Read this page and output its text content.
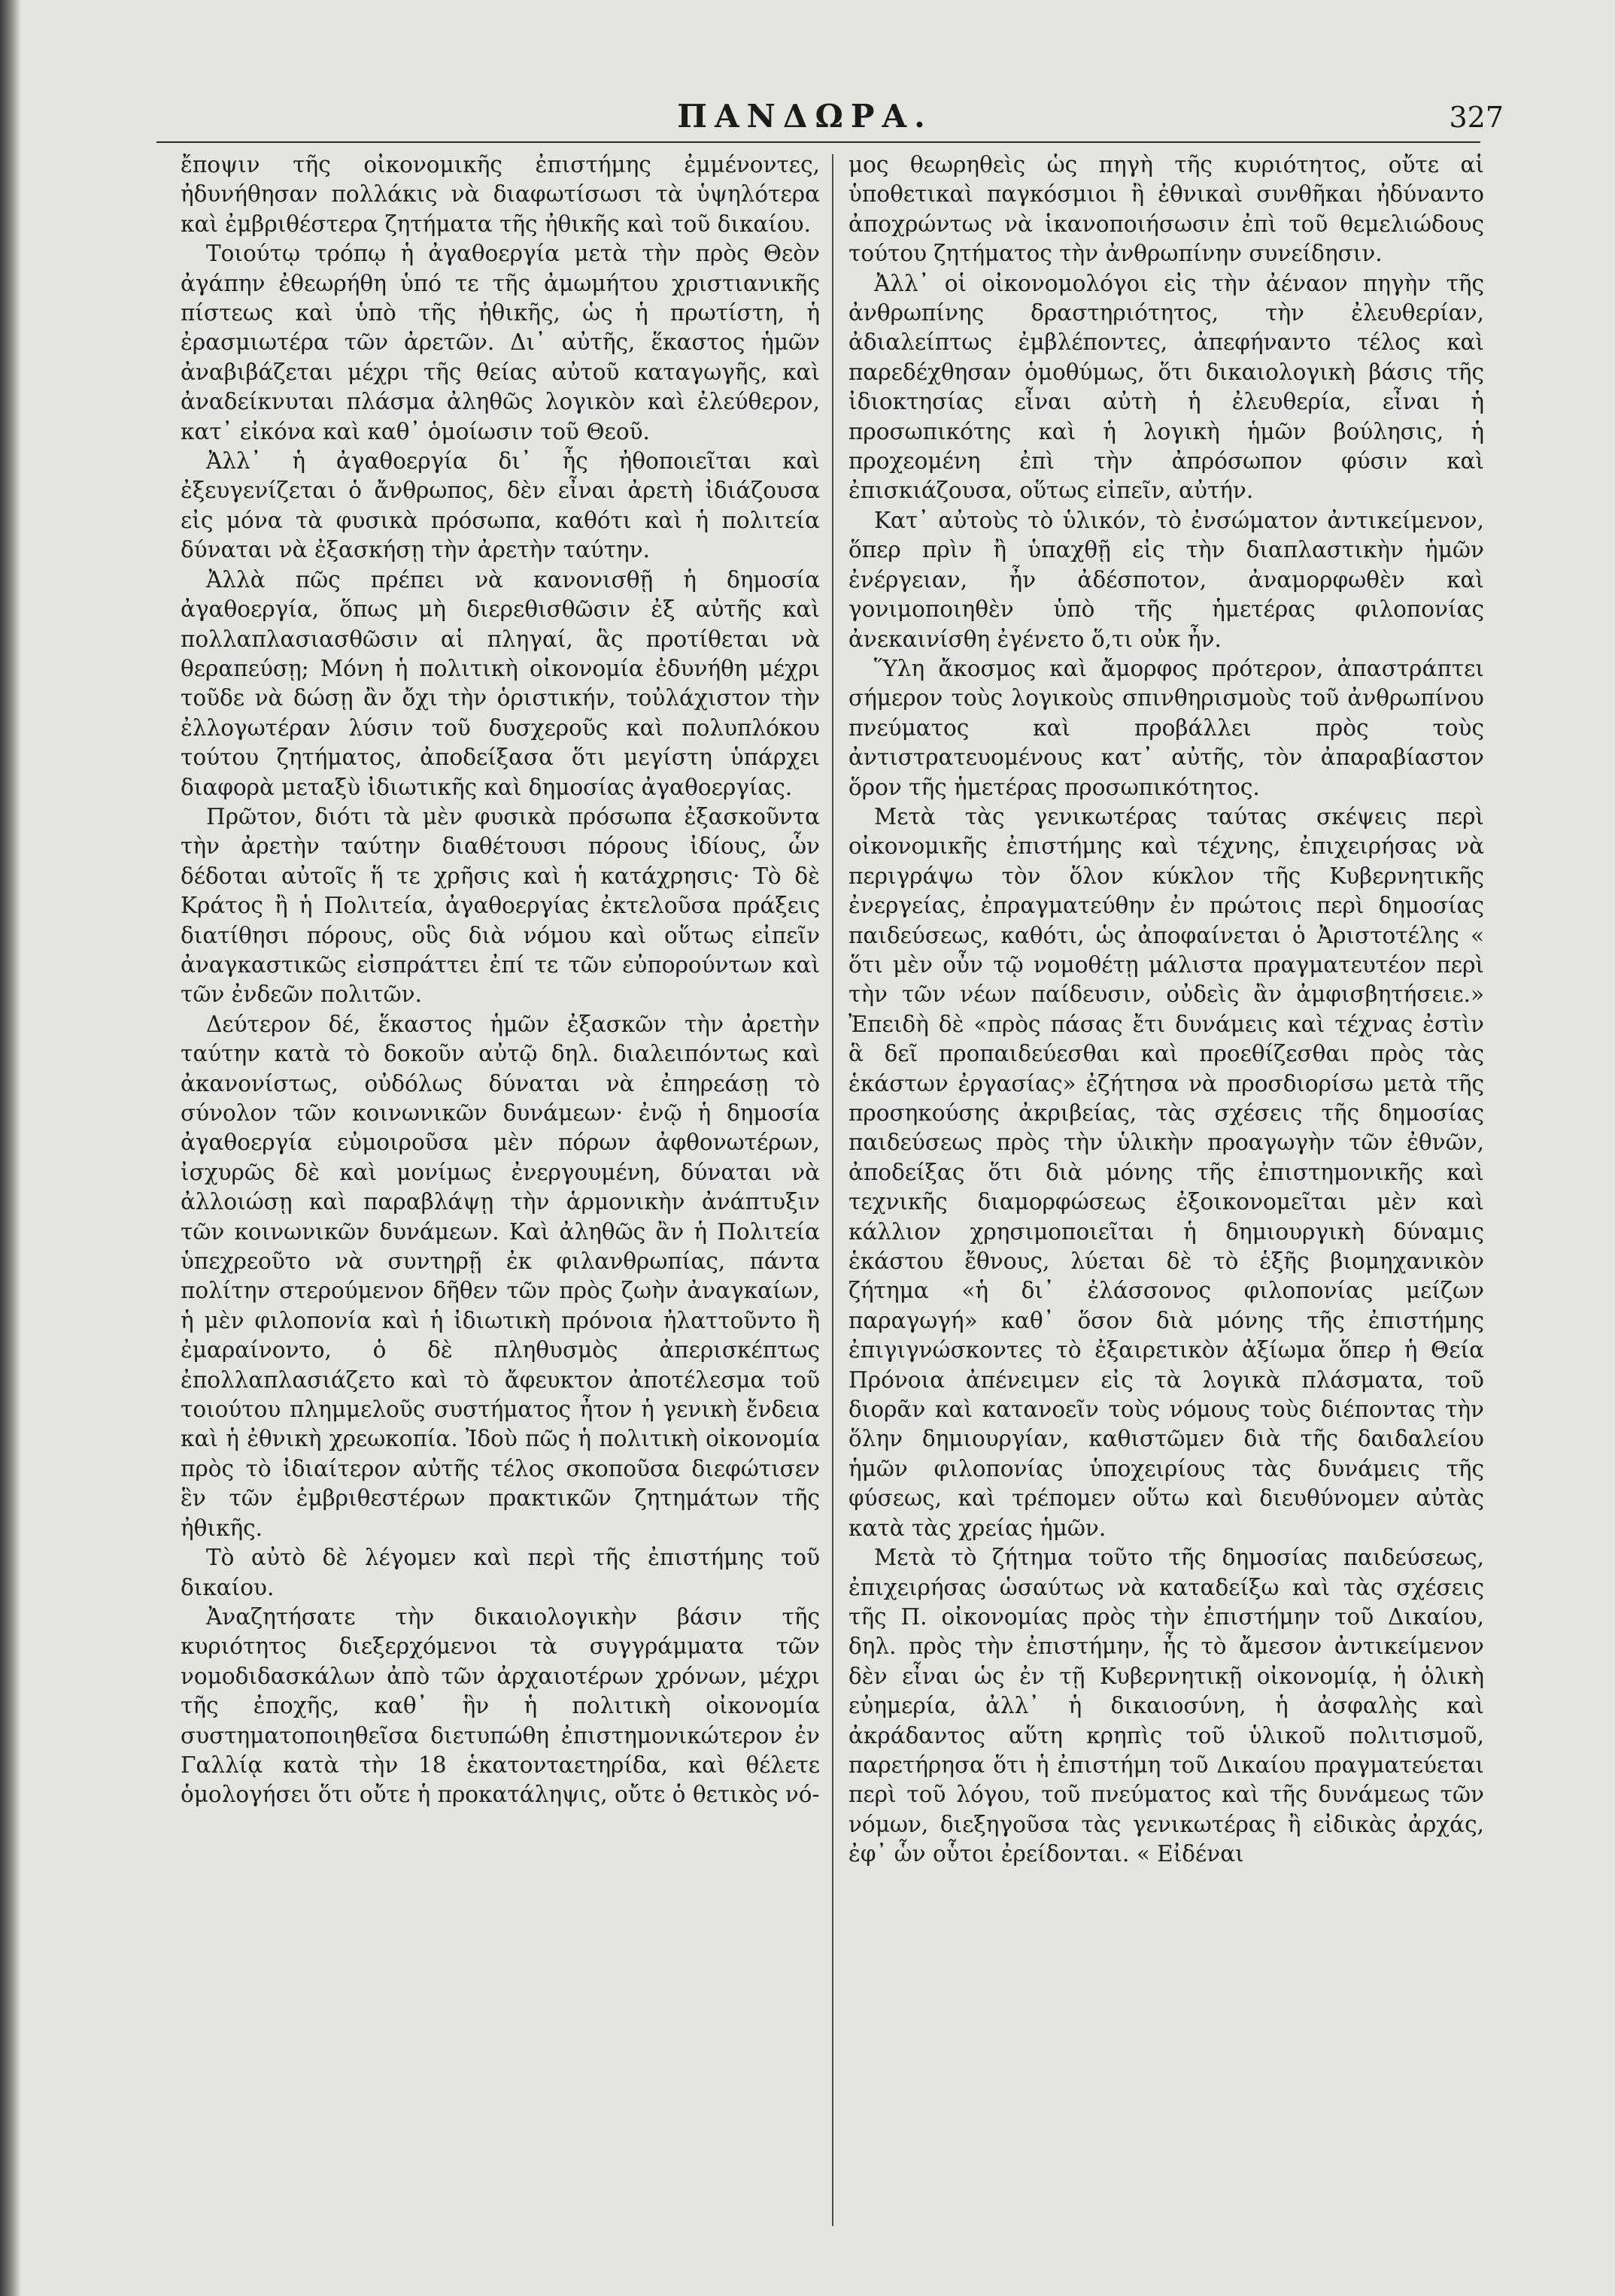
ΠΑΝΔΩΡΑ.	327

ἔποψιν τῆς οἰκονομικῆς ἐπιστήμης ἐμμένοντες, ἠδυνήθησαν πολλάκις νὰ διαφωτίσωσι τὰ ὑψηλότερα καὶ ἐμβριθέστερα ζητήματα τῆς ἠθικῆς καὶ τοῦ δικαίου.

Τοιούτῳ τρόπῳ ἡ ἀγαθοεργία μετὰ τὴν πρὸς Θεὸν ἀγάπην ἐθεωρήθη ὑπό τε τῆς ἀμωμήτου χριστιανικῆς πίστεως καὶ ὑπὸ τῆς ἠθικῆς, ὡς ἡ πρωτίστη, ἡ ἐρασμιωτέρα τῶν ἀρετῶν. Δι᾽ αὐτῆς, ἕκαστος ἡμῶν ἀναβιβάζεται μέχρι τῆς θείας αὐτοῦ καταγωγῆς, καὶ ἀναδείκνυται πλάσμα ἀληθῶς λογικὸν καὶ ἐλεύθερον, κατ᾽ εἰκόνα καὶ καθ᾽ ὁμοίωσιν τοῦ Θεοῦ.

Ἀλλ᾽ ἡ ἀγαθοεργία δι᾽ ἧς ἠθοποιεῖται καὶ ἐξευγενίζεται ὁ ἄνθρωπος, δὲν εἶναι ἀρετὴ ἰδιάζουσα εἰς μόνα τὰ φυσικὰ πρόσωπα, καθότι καὶ ἡ πολιτεία δύναται νὰ ἐξασκήσῃ τὴν ἀρετὴν ταύτην.

Ἀλλὰ πῶς πρέπει νὰ κανονισθῇ ἡ δημοσία ἀγαθοεργία, ὅπως μὴ διερεθισθῶσιν ἐξ αὐτῆς καὶ πολλαπλασιασθῶσιν αἱ πληγαί, ἃς προτίθεται νὰ θεραπεύσῃ; Μόνη ἡ πολιτικὴ οἰκονομία ἐδυνήθη μέχρι τοῦδε νὰ δώσῃ ἂν ὄχι τὴν ὁριστικήν, τοὐλάχιστον τὴν ἐλλογωτέραν λύσιν τοῦ δυσχεροῦς καὶ πολυπλόκου τούτου ζητήματος, ἀποδείξασα ὅτι μεγίστη ὑπάρχει διαφορὰ μεταξὺ ἰδιωτικῆς καὶ δημοσίας ἀγαθοεργίας.

Πρῶτον, διότι τὰ μὲν φυσικὰ πρόσωπα ἐξασκοῦντα τὴν ἀρετὴν ταύτην διαθέτουσι πόρους ἰδίους, ὧν δέδοται αὐτοῖς ἥ τε χρῆσις καὶ ἡ κατάχρησις· Τὸ δὲ Κράτος ἢ ἡ Πολιτεία, ἀγαθοεργίας ἐκτελοῦσα πράξεις διατίθησι πόρους, οὓς διὰ νόμου καὶ οὕτως εἰπεῖν ἀναγκαστικῶς εἰσπράττει ἐπί τε τῶν εὐπορούντων καὶ τῶν ἐνδεῶν πολιτῶν.

Δεύτερον δέ, ἕκαστος ἡμῶν ἐξασκῶν τὴν ἀρετὴν ταύτην κατὰ τὸ δοκοῦν αὐτῷ δηλ. διαλειπόντως καὶ ἀκανονίστως, οὐδόλως δύναται νὰ ἐπηρεάσῃ τὸ σύνολον τῶν κοινωνικῶν δυνάμεων· ἐνῷ ἡ δημοσία ἀγαθοεργία εὐμοιροῦσα μὲν πόρων ἀφθονωτέρων, ἰσχυρῶς δὲ καὶ μονίμως ἐνεργουμένη, δύναται νὰ ἀλλοιώσῃ καὶ παραβλάψῃ τὴν ἁρμονικὴν ἀνάπτυξιν τῶν κοινωνικῶν δυνάμεων. Καὶ ἀληθῶς ἂν ἡ Πολιτεία ὑπεχρεοῦτο νὰ συντηρῇ ἐκ φιλανθρωπίας, πάντα πολίτην στερούμενον δῆθεν τῶν πρὸς ζωὴν ἀναγκαίων, ἡ μὲν φιλοπονία καὶ ἡ ἰδιωτικὴ πρόνοια ἠλαττοῦντο ἢ ἐμαραίνοντο, ὁ δὲ πληθυσμὸς ἀπερισκέπτως ἐπολλαπλασιάζετο καὶ τὸ ἄφευκτον ἀποτέλεσμα τοῦ τοιούτου πλημμελοῦς συστήματος ἦτον ἡ γενικὴ ἔνδεια καὶ ἡ ἐθνικὴ χρεωκοπία. Ἰδοὺ πῶς ἡ πολιτικὴ οἰκονομία πρὸς τὸ ἰδιαίτερον αὐτῆς τέλος σκοποῦσα διεφώτισεν ἓν τῶν ἐμβριθεστέρων πρακτικῶν ζητημάτων τῆς ἠθικῆς.

Τὸ αὐτὸ δὲ λέγομεν καὶ περὶ τῆς ἐπιστήμης τοῦ δικαίου.

Ἀναζητήσατε τὴν δικαιολογικὴν βάσιν τῆς κυριότητος διεξερχόμενοι τὰ συγγράμματα τῶν νομοδιδασκάλων ἀπὸ τῶν ἀρχαιοτέρων χρόνων, μέχρι τῆς ἐποχῆς, καθ᾽ ἣν ἡ πολιτικὴ οἰκονομία συστηματοποιηθεῖσα διετυπώθη ἐπιστημονικώτερον ἐν Γαλλίᾳ κατὰ τὴν 18 ἑκατονταετηρίδα, καὶ θέλετε ὁμολογήσει ὅτι οὔτε ἡ προκατάληψις, οὔτε ὁ θετικὸς νό-

μος θεωρηθεὶς ὡς πηγὴ τῆς κυριότητος, οὔτε αἱ ὑποθετικαὶ παγκόσμιοι ἢ ἐθνικαὶ συνθῆκαι ἠδύναντο ἀποχρώντως νὰ ἱκανοποιήσωσιν ἐπὶ τοῦ θεμελιώδους τούτου ζητήματος τὴν ἀνθρωπίνην συνείδησιν.

Ἀλλ᾽ οἱ οἰκονομολόγοι εἰς τὴν ἀέναον πηγὴν τῆς ἀνθρωπίνης δραστηριότητος, τὴν ἐλευθερίαν, ἀδιαλείπτως ἐμβλέποντες, ἀπεφήναντο τέλος καὶ παρεδέχθησαν ὁμοθύμως, ὅτι δικαιολογικὴ βάσις τῆς ἰδιοκτησίας εἶναι αὐτὴ ἡ ἐλευθερία, εἶναι ἡ προσωπικότης καὶ ἡ λογικὴ ἡμῶν βούλησις, ἡ προχεομένη ἐπὶ τὴν ἀπρόσωπον φύσιν καὶ ἐπισκιάζουσα, οὕτως εἰπεῖν, αὐτήν.

Κατ᾽ αὐτοὺς τὸ ὑλικόν, τὸ ἐνσώματον ἀντικείμενον, ὅπερ πρὶν ἢ ὑπαχθῇ εἰς τὴν διαπλαστικὴν ἡμῶν ἐνέργειαν, ἦν ἀδέσποτον, ἀναμορφωθὲν καὶ γονιμοποιηθὲν ὑπὸ τῆς ἡμετέρας φιλοπονίας ἀνεκαινίσθη ἐγένετο ὅ,τι οὐκ ἦν.

Ὕλη ἄκοσμος καὶ ἄμορφος πρότερον, ἀπαστράπτει σήμερον τοὺς λογικοὺς σπινθηρισμοὺς τοῦ ἀνθρωπίνου πνεύματος καὶ προβάλλει πρὸς τοὺς ἀντιστρατευομένους κατ᾽ αὐτῆς, τὸν ἀπαραβίαστον ὅρον τῆς ἡμετέρας προσωπικότητος.

Μετὰ τὰς γενικωτέρας ταύτας σκέψεις περὶ οἰκονομικῆς ἐπιστήμης καὶ τέχνης, ἐπιχειρήσας νὰ περιγράψω τὸν ὅλον κύκλον τῆς Κυβερνητικῆς ἐνεργείας, ἐπραγματεύθην ἐν πρώτοις περὶ δημοσίας παιδεύσεως, καθότι, ὡς ἀποφαίνεται ὁ Ἀριστοτέλης « ὅτι μὲν οὖν τῷ νομοθέτῃ μάλιστα πραγματευτέον περὶ τὴν τῶν νέων παίδευσιν, οὐδεὶς ἂν ἀμφισβητήσειε.» Ἐπειδὴ δὲ «πρὸς πάσας ἔτι δυνάμεις καὶ τέχνας ἐστὶν ἃ δεῖ προπαιδεύεσθαι καὶ προεθίζεσθαι πρὸς τὰς ἑκάστων ἐργασίας» ἐζήτησα νὰ προσδιορίσω μετὰ τῆς προσηκούσης ἀκριβείας, τὰς σχέσεις τῆς δημοσίας παιδεύσεως πρὸς τὴν ὑλικὴν προαγωγὴν τῶν ἐθνῶν, ἀποδείξας ὅτι διὰ μόνης τῆς ἐπιστημονικῆς καὶ τεχνικῆς διαμορφώσεως ἐξοικονομεῖται μὲν καὶ κάλλιον χρησιμοποιεῖται ἡ δημιουργικὴ δύναμις ἑκάστου ἔθνους, λύεται δὲ τὸ ἑξῆς βιομηχανικὸν ζήτημα «ἡ δι᾽ ἐλάσσονος φιλοπονίας μείζων παραγωγή» καθ᾽ ὅσον διὰ μόνης τῆς ἐπιστήμης ἐπιγιγνώσκοντες τὸ ἐξαιρετικὸν ἀξίωμα ὅπερ ἡ Θεία Πρόνοια ἀπένειμεν εἰς τὰ λογικὰ πλάσματα, τοῦ διορᾶν καὶ κατανοεῖν τοὺς νόμους τοὺς διέποντας τὴν ὅλην δημιουργίαν, καθιστῶμεν διὰ τῆς δαιδαλείου ἡμῶν φιλοπονίας ὑποχειρίους τὰς δυνάμεις τῆς φύσεως, καὶ τρέπομεν οὕτω καὶ διευθύνομεν αὐτὰς κατὰ τὰς χρείας ἡμῶν.

Μετὰ τὸ ζήτημα τοῦτο τῆς δημοσίας παιδεύσεως, ἐπιχειρήσας ὡσαύτως νὰ καταδείξω καὶ τὰς σχέσεις τῆς Π. οἰκονομίας πρὸς τὴν ἐπιστήμην τοῦ Δικαίου, δηλ. πρὸς τὴν ἐπιστήμην, ἧς τὸ ἄμεσον ἀντικείμενον δὲν εἶναι ὡς ἐν τῇ Κυβερνητικῇ οἰκονομίᾳ, ἡ ὁλικὴ εὐημερία, ἀλλ᾽ ἡ δικαιοσύνη, ἡ ἀσφαλὴς καὶ ἀκράδαντος αὕτη κρηπὶς τοῦ ὑλικοῦ πολιτισμοῦ, παρετήρησα ὅτι ἡ ἐπιστήμη τοῦ Δικαίου πραγματεύεται περὶ τοῦ λόγου, τοῦ πνεύματος καὶ τῆς δυνάμεως τῶν νόμων, διεξηγοῦσα τὰς γενικωτέρας ἢ εἰδικὰς ἀρχάς, ἐφ᾽ ὧν οὗτοι ἐρείδονται. « Εἰδέναι
